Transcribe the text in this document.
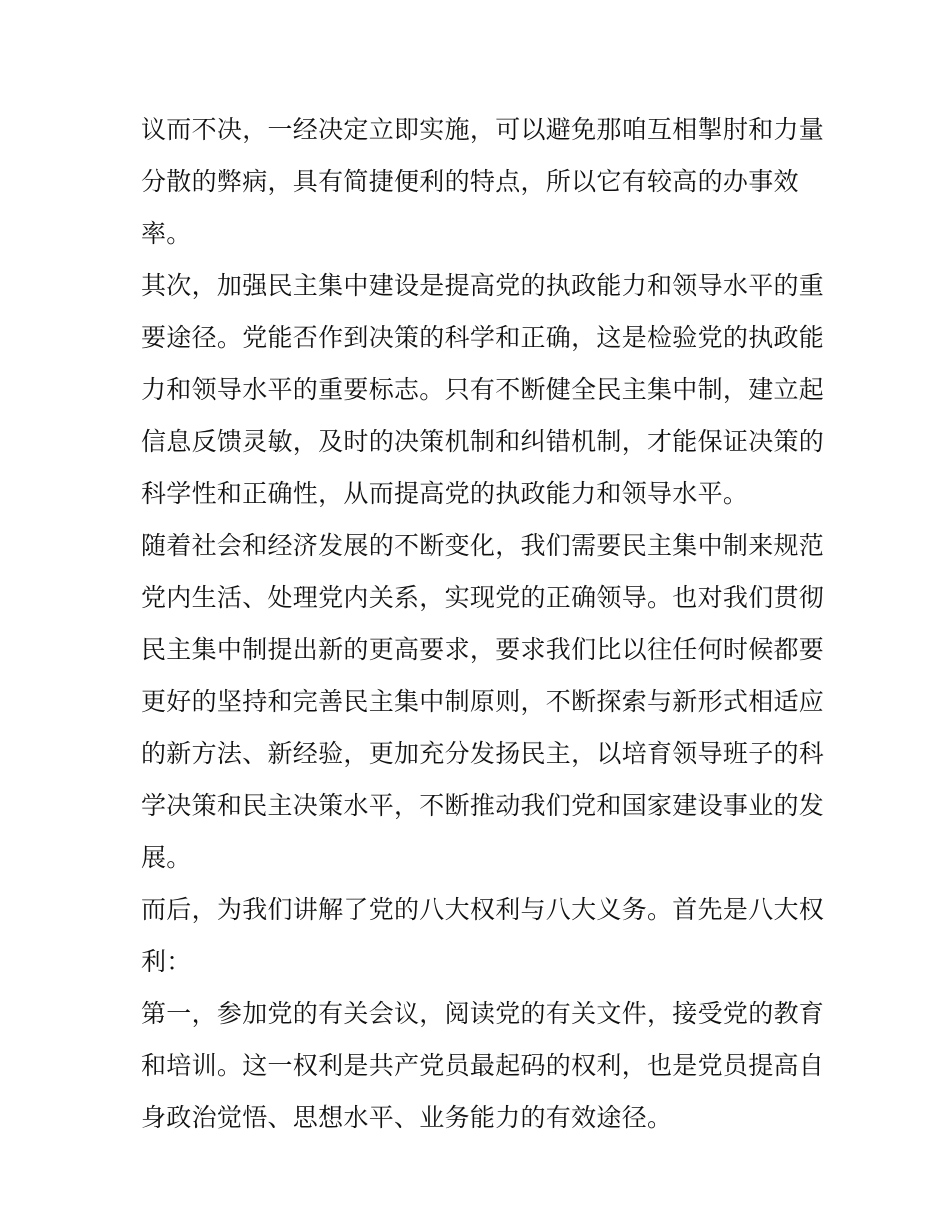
议而不决，一经决定立即实施，可以避免那咱互相掣肘和力量
分散的弊病，具有简捷便利的特点，所以它有较高的办事效
率。
其次，加强民主集中建设是提高党的执政能力和领导水平的重
要途径。党能否作到决策的科学和正确，这是检验党的执政能
力和领导水平的重要标志。只有不断健全民主集中制，建立起
信息反馈灵敏，及时的决策机制和纠错机制，才能保证决策的
科学性和正确性，从而提高党的执政能力和领导水平。
随着社会和经济发展的不断变化，我们需要民主集中制来规范
党内生活、处理党内关系，实现党的正确领导。也对我们贯彻
民主集中制提出新的更高要求，要求我们比以往任何时候都要
更好的坚持和完善民主集中制原则，不断探索与新形式相适应
的新方法、新经验，更加充分发扬民主，以培育领导班子的科
学决策和民主决策水平，不断推动我们党和国家建设事业的发
展。
而后，为我们讲解了党的八大权利与八大义务。首先是八大权
利：
第一，参加党的有关会议，阅读党的有关文件，接受党的教育
和培训。这一权利是共产党员最起码的权利，也是党员提高自
身政治觉悟、思想水平、业务能力的有效途径。
